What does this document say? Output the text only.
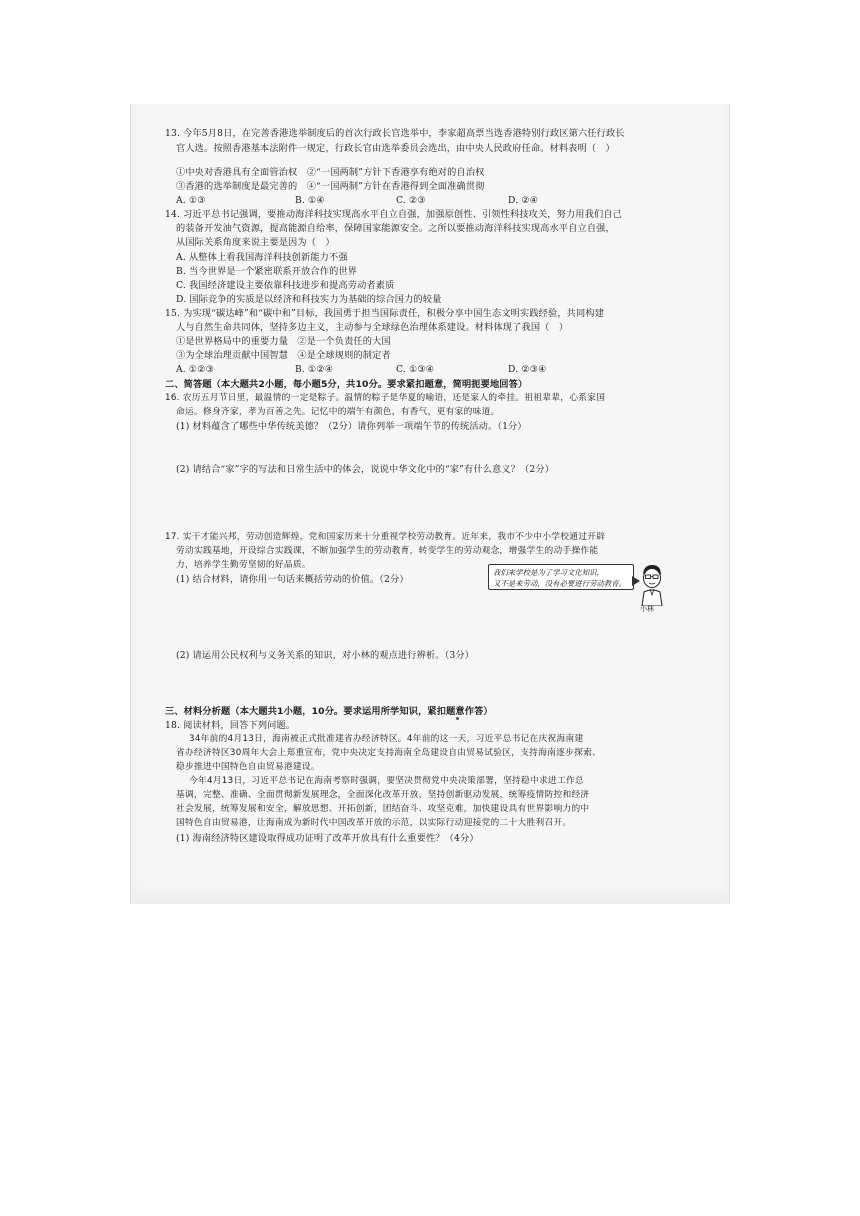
13. 今年5月8日，在完善香港选举制度后的首次行政长官选举中，李家超高票当选香港特别行政区第六任行政长
官人选。按照香港基本法附件一规定，行政长官由选举委员会选出，由中央人民政府任命。材料表明（　）
①中央对香港具有全面管治权　②“一国两制”方针下香港享有绝对的自治权
③香港的选举制度是最完善的　④“一国两制”方针在香港得到全面准确贯彻
A. ①③	B. ①④	C. ②③	D. ②④
14. 习近平总书记强调，要推动海洋科技实现高水平自立自强，加强原创性、引领性科技攻关，努力用我们自己
的装备开发油气资源，提高能源自给率，保障国家能源安全。之所以要推动海洋科技实现高水平自立自强，
从国际关系角度来说主要是因为（　）
A. 从整体上看我国海洋科技创新能力不强
B. 当今世界是一个紧密联系开放合作的世界
C. 我国经济建设主要依靠科技进步和提高劳动者素质
D. 国际竞争的实质是以经济和科技实力为基础的综合国力的较量
15. 为实现“碳达峰”和“碳中和”目标，我国勇于担当国际责任，积极分享中国生态文明实践经验，共同构建
人与自然生命共同体，坚持多边主义，主动参与全球绿色治理体系建设。材料体现了我国（　）
①是世界格局中的重要力量　②是一个负责任的大国
③为全球治理贡献中国智慧　④是全球规则的制定者
A. ①②③	B. ①②④	C. ①③④	D. ②③④
二、简答题（本大题共2小题，每小题5分，共10分。要求紧扣题意，简明扼要地回答）
16. 农历五月节日里，最温情的一定是粽子。温情的粽子是华夏的喻语，还是家人的牵挂。祖祖辈辈，心系家国
命运。修身齐家，孝为百善之先。记忆中的端午有颜色，有香气，更有家的味道。
(1) 材料蕴含了哪些中华传统美德？（2分）请你列举一项端午节的传统活动。（1分）
(2) 请结合“家”字的写法和日常生活中的体会，说说中华文化中的“家”有什么意义？（2分）
17. 实干才能兴邦，劳动创造辉煌，党和国家历来十分重视学校劳动教育。近年来，我市不少中小学校通过开辟
劳动实践基地，开设综合实践课，不断加强学生的劳动教育，转变学生的劳动观念，增强学生的动手操作能
力，培养学生勤劳坚韧的好品质。
(1) 结合材料，请你用一句话来概括劳动的价值。（2分）
我们来学校是为了学习文化知识，
又不是来劳动，没有必要进行劳动教育。
小林
(2) 请运用公民权利与义务关系的知识，对小林的观点进行辨析。（3分）
三、材料分析题（本大题共1小题，10分。要求运用所学知识，紧扣题意作答）
18. 阅读材料，回答下列问题。
34年前的4月13日，海南被正式批准建省办经济特区。4年前的这一天，习近平总书记在庆祝海南建
省办经济特区30周年大会上郑重宣布，党中央决定支持海南全岛建设自由贸易试验区，支持海南逐步探索、
稳步推进中国特色自由贸易港建设。
今年4月13日，习近平总书记在海南考察时强调，要坚决贯彻党中央决策部署，坚持稳中求进工作总
基调，完整、准确、全面贯彻新发展理念，全面深化改革开放，坚持创新驱动发展，统筹疫情防控和经济
社会发展，统筹发展和安全，解放思想、开拓创新，团结奋斗、攻坚克难，加快建设具有世界影响力的中
国特色自由贸易港，让海南成为新时代中国改革开放的示范，以实际行动迎接党的二十大胜利召开。
(1) 海南经济特区建设取得成功证明了改革开放具有什么重要性？（4分）
